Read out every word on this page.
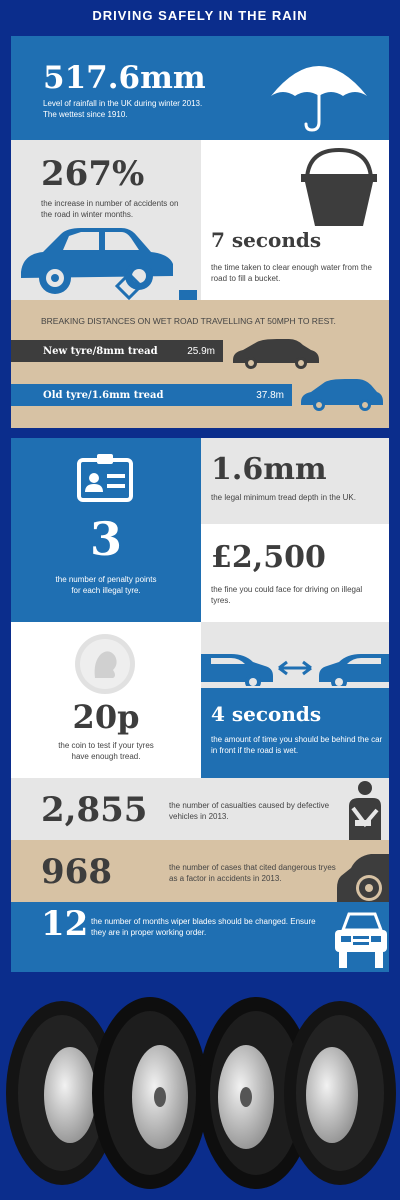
DRIVING SAFELY IN THE RAIN
517.6mm
Level of rainfall in the UK during winter 2013. The wettest since 1910.
267%
the increase in number of accidents on the road in winter months.
7 seconds
the time taken to clear enough water from the road to fill a bucket.
BREAKING DISTANCES ON WET ROAD TRAVELLING AT 50MPH TO REST.
New tyre/8mm tread	25.9m
Old tyre/1.6mm tread	37.8m
3
the number of penalty points for each illegal tyre.
1.6mm
the legal minimum tread depth in the UK.
£2,500
the fine you could face for driving on illegal tyres.
20p
the coin to test if your tyres have enough tread.
4 seconds
the amount of time you should be behind the car in front if the road is wet.
2,855	the number of casualties caused by defective vehicles in 2013.
968	the number of cases that cited dangerous tryes as a factor in accidents in 2013.
12 the number of months wiper blades should be changed. Ensure they are in proper working order.
